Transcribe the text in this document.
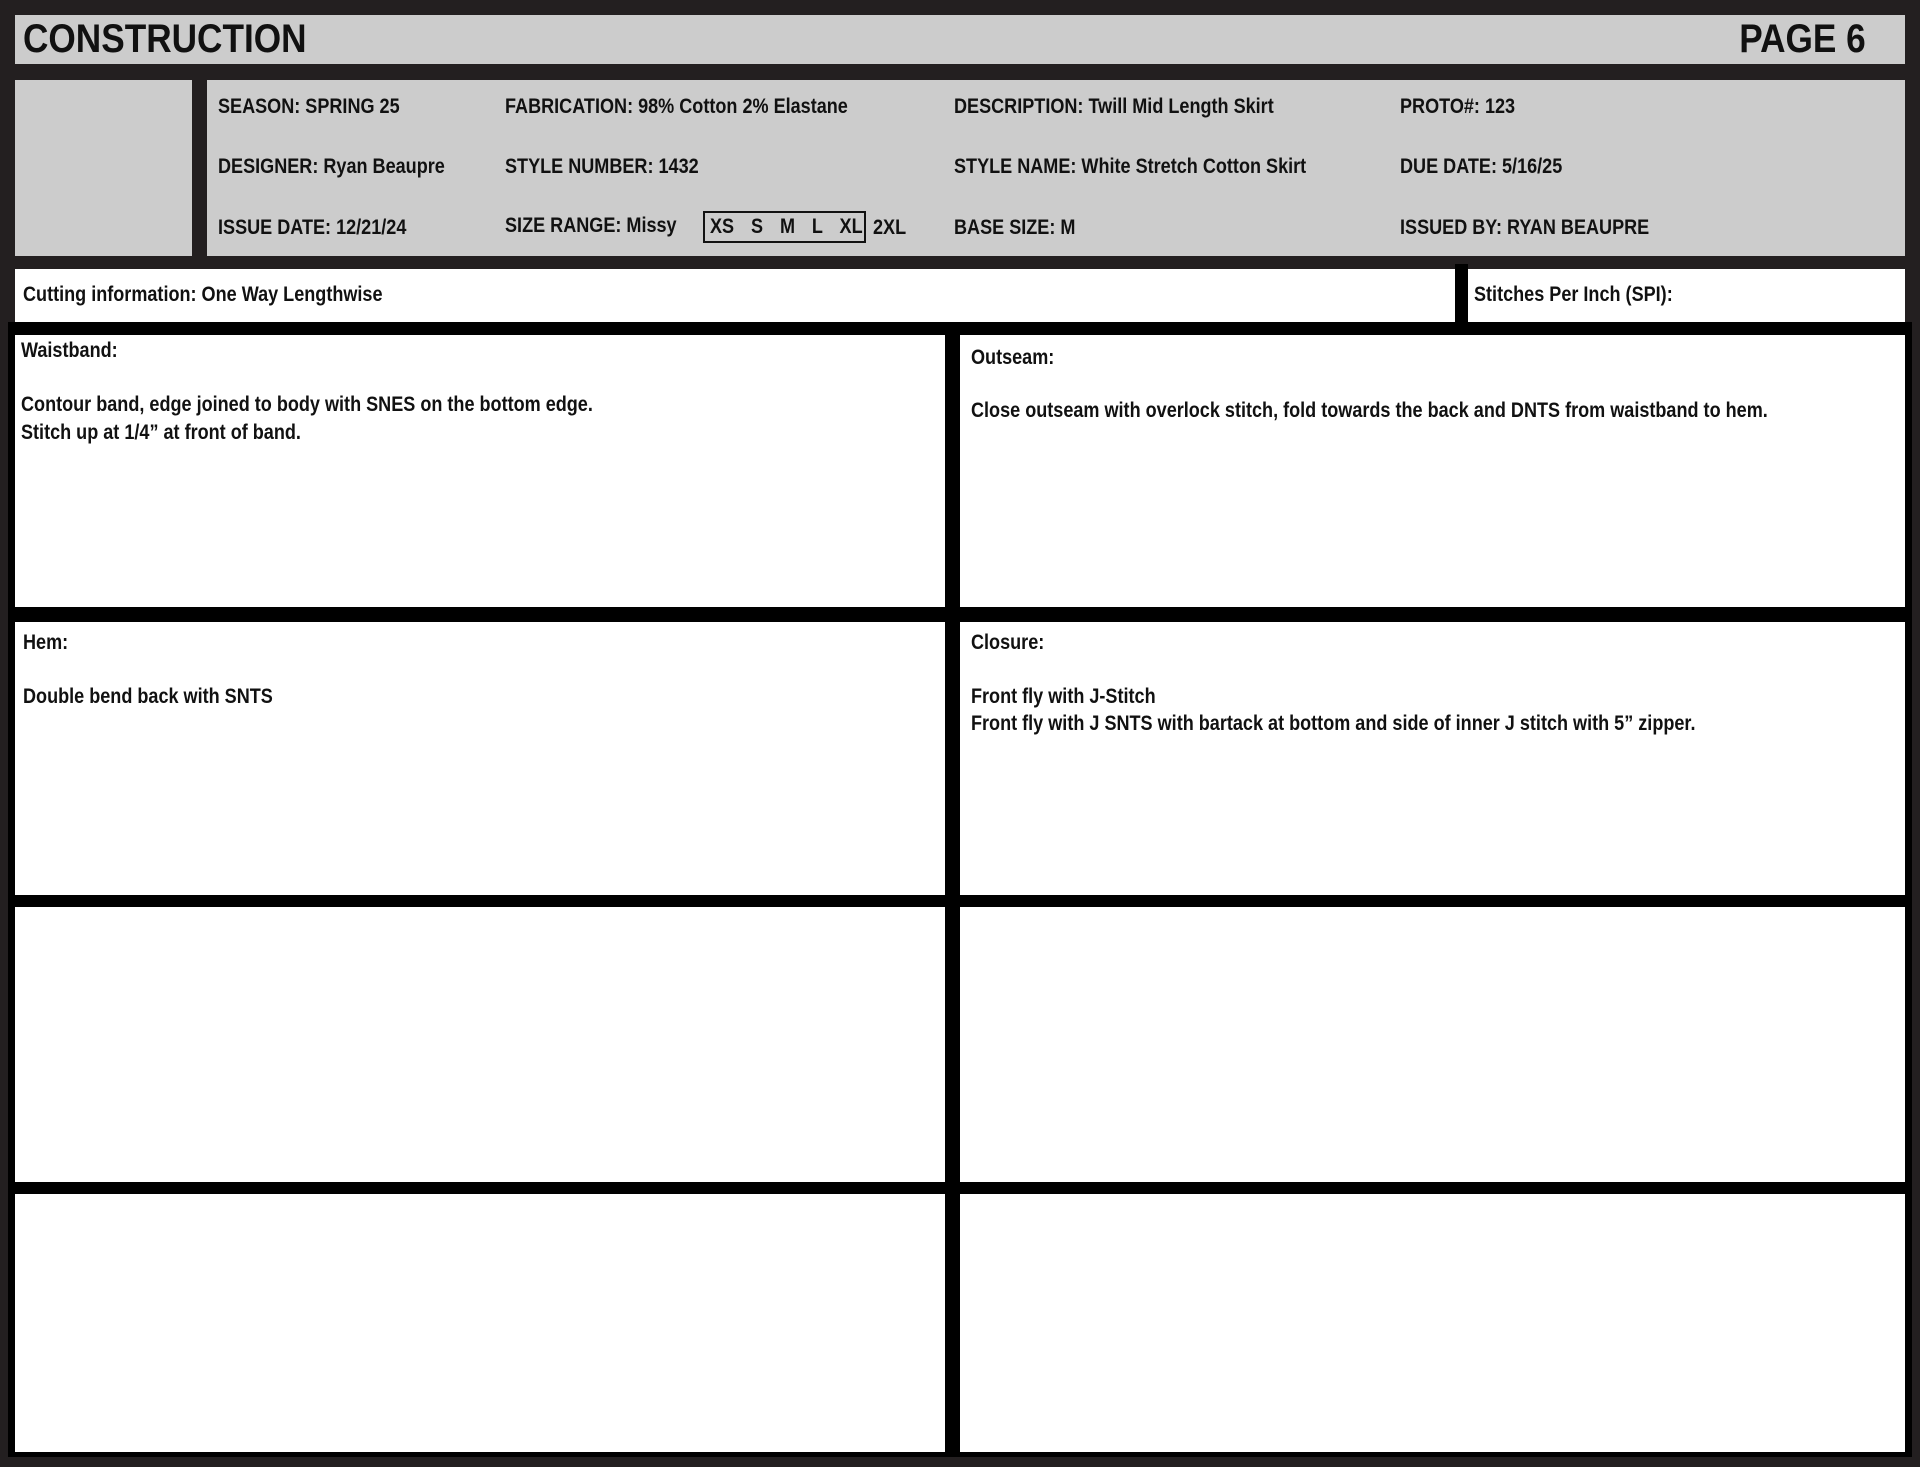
CONSTRUCTION	PAGE 6
SEASON: SPRING 25
DESIGNER: Ryan Beaupre
ISSUE DATE: 12/21/24
FABRICATION: 98% Cotton 2% Elastane
STYLE NUMBER: 1432
SIZE RANGE: Missy XS  S  M  L  XL 2XL
DESCRIPTION: Twill Mid Length Skirt
STYLE NAME: White Stretch Cotton Skirt
BASE SIZE: M
PROTO#: 123
DUE DATE: 5/16/25
ISSUED BY: RYAN BEAUPRE
Cutting information: One Way Lengthwise	Stitches Per Inch (SPI):
Waistband:
Contour band, edge joined to body with SNES on the bottom edge.
Stitch up at 1/4” at front of band.
Outseam:
Close outseam with overlock stitch, fold towards the back and DNTS from waistband to hem.
Hem:
Double bend back with SNTS
Closure:
Front fly with J-Stitch
Front fly with J SNTS with bartack at bottom and side of inner J stitch with 5” zipper.
